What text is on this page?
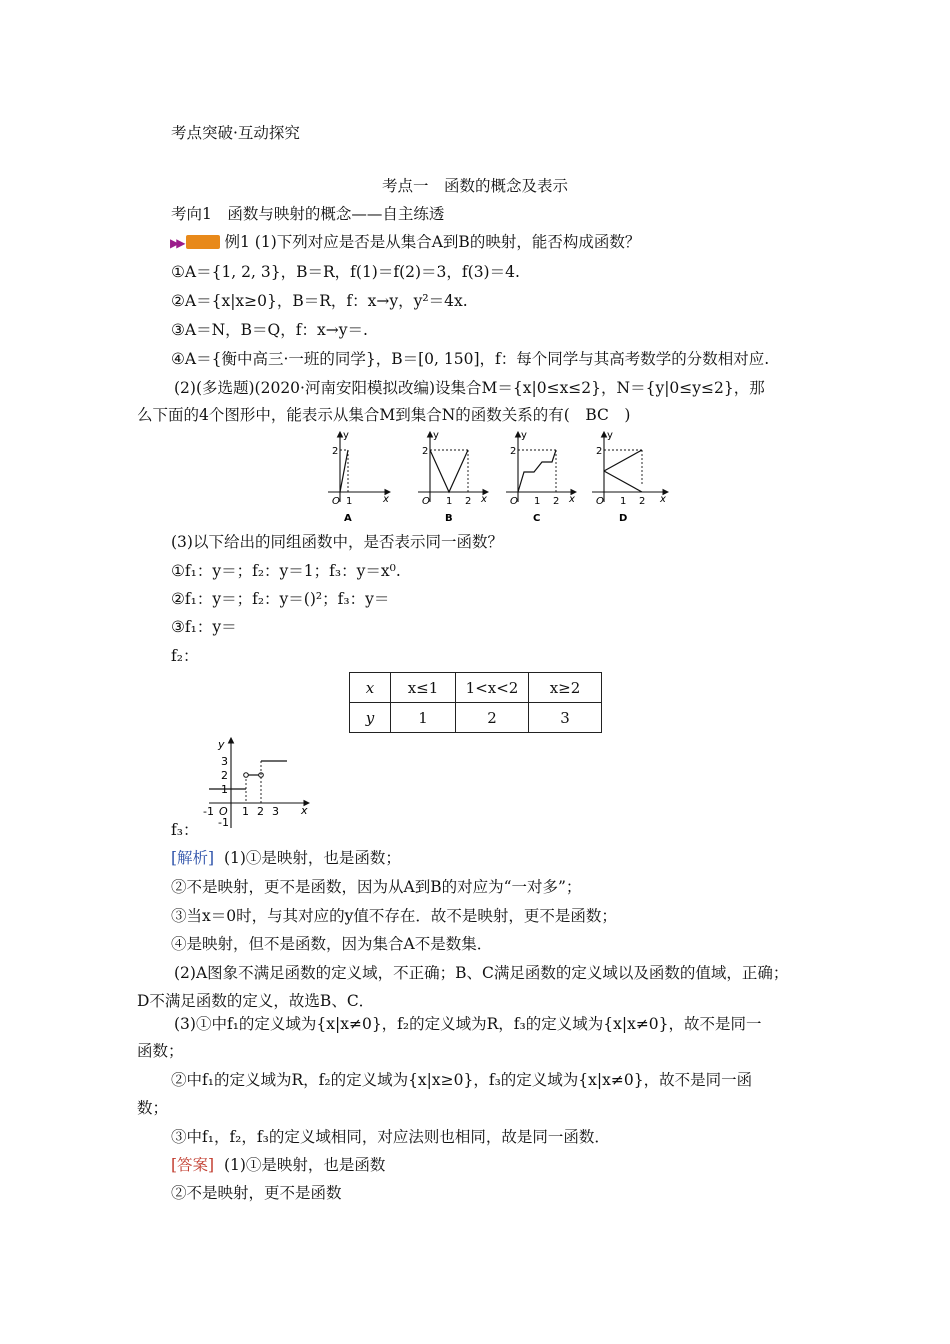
考点突破·互动探究
考点一　函数的概念及表示
考向1　函数与映射的概念——自主练透
▶▶	例1 (1)下列对应是否是从集合A到B的映射，能否构成函数？
①A＝{1, 2, 3}，B＝R，f(1)＝f(2)＝3，f(3)＝4.
②A＝{x|x≥0}，B＝R，f：x→y，y²＝4x.
③A＝N，B＝Q，f：x→y＝.
④A＝{衡中高三·一班的同学}，B＝[0, 150]，f：每个同学与其高考数学的分数相对应.
(2)(多选题)(2020·河南安阳模拟改编)设集合M＝{x|0≤x≤2}，N＝{y|0≤y≤2}，那
么下面的4个图形中，能表示从集合M到集合N的函数关系的有(　BC　)
y
2
O 1	x
A
y
2
O 1 2 x
B
y
2
O 1 2 x
C
y
2
O 1 2 x
D
(3)以下给出的同组函数中，是否表示同一函数？
①f₁：y＝；f₂：y＝1；f₃：y＝x⁰.
②f₁：y＝；f₂：y＝()²；f₃：y＝
③f₁：y＝
f₂：
x	x≤1	1<x<2	x≥2
y	1	2	3
y
x
3
2
1
-1
-1 O 1 2 3
f₃：
[解析] (1)①是映射，也是函数；
②不是映射，更不是函数，因为从A到B的对应为“一对多”；
③当x＝0时，与其对应的y值不存在．故不是映射，更不是函数；
④是映射，但不是函数，因为集合A不是数集．
(2)A图象不满足函数的定义域，不正确；B、C满足函数的定义域以及函数的值域，正确；
D不满足函数的定义，故选B、C．
(3)①中f₁的定义域为{x|x≠0}，f₂的定义域为R，f₃的定义域为{x|x≠0}，故不是同一
函数；
②中f₁的定义域为R，f₂的定义域为{x|x≥0}，f₃的定义域为{x|x≠0}，故不是同一函
数；
③中f₁，f₂，f₃的定义域相同，对应法则也相同，故是同一函数．
[答案] (1)①是映射，也是函数
②不是映射，更不是函数
